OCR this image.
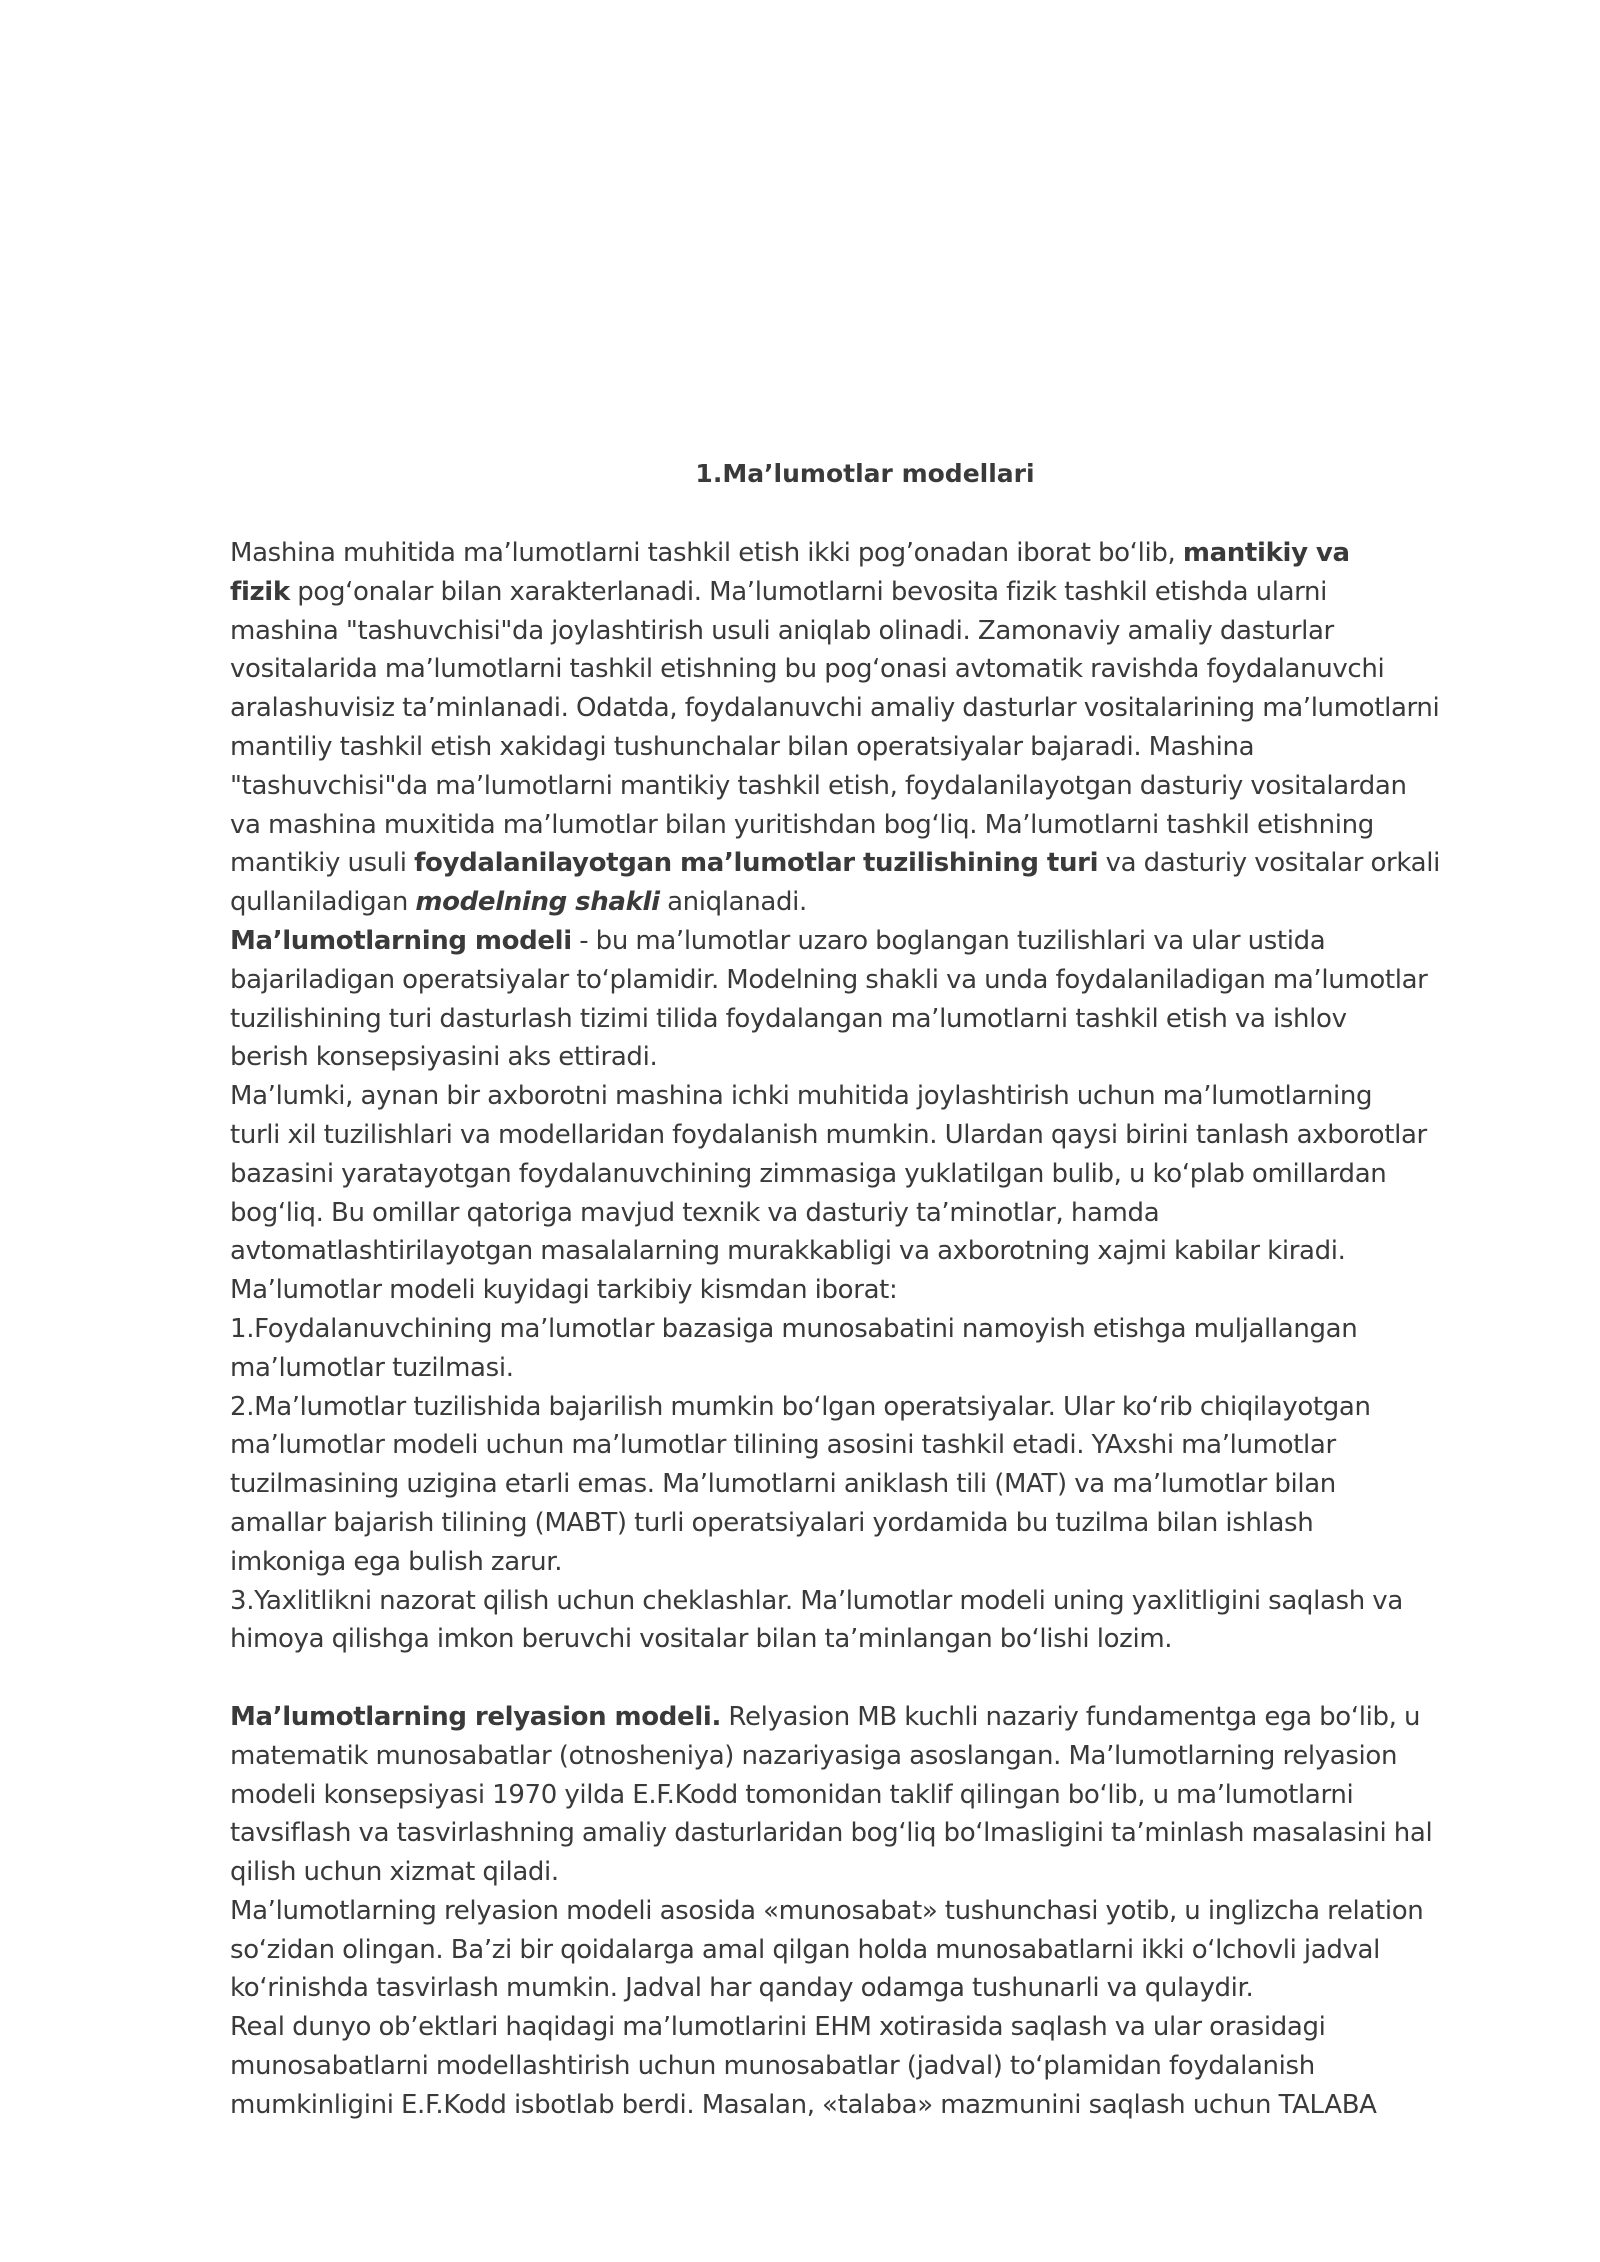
1.Ma’lumotlar modellari
Mashina muhitida ma’lumotlarni tashkil etish ikki pog’onadan iborat bo‘lib, mantikiy va
fizik pog‘onalar bilan xarakterlanadi. Ma’lumotlarni bevosita fizik tashkil etishda ularni
mashina "tashuvchisi"da joylashtirish usuli aniqlab olinadi. Zamonaviy amaliy dasturlar
vositalarida ma’lumotlarni tashkil etishning bu pog‘onasi avtomatik ravishda foydalanuvchi
aralashuvisiz ta’minlanadi. Odatda, foydalanuvchi amaliy dasturlar vositalarining ma’lumotlarni
mantiliy tashkil etish xakidagi tushunchalar bilan operatsiyalar bajaradi. Mashina
"tashuvchisi"da ma’lumotlarni mantikiy tashkil etish, foydalanilayotgan dasturiy vositalardan
va mashina muxitida ma’lumotlar bilan yuritishdan bog‘liq. Ma’lumotlarni tashkil etishning
mantikiy usuli foydalanilayotgan ma’lumotlar tuzilishining turi va dasturiy vositalar orkali
qullaniladigan modelning shakli aniqlanadi.
Ma’lumotlarning modeli - bu ma’lumotlar uzaro boglangan tuzilishlari va ular ustida
bajariladigan operatsiyalar to‘plamidir. Modelning shakli va unda foydalaniladigan ma’lumotlar
tuzilishining turi dasturlash tizimi tilida foydalangan ma’lumotlarni tashkil etish va ishlov
berish konsepsiyasini aks ettiradi.
Ma’lumki, aynan bir axborotni mashina ichki muhitida joylashtirish uchun ma’lumotlarning
turli xil tuzilishlari va modellaridan foydalanish mumkin. Ulardan qaysi birini tanlash axborotlar
bazasini yaratayotgan foydalanuvchining zimmasiga yuklatilgan bulib, u ko‘plab omillardan
bog‘liq. Bu omillar qatoriga mavjud texnik va dasturiy ta’minotlar, hamda
avtomatlashtirilayotgan masalalarning murakkabligi va axborotning xajmi kabilar kiradi.
Ma’lumotlar modeli kuyidagi tarkibiy kismdan iborat:
1.Foydalanuvchining ma’lumotlar bazasiga munosabatini namoyish etishga muljallangan
ma’lumotlar tuzilmasi.
2.Ma’lumotlar tuzilishida bajarilish mumkin bo‘lgan operatsiyalar. Ular ko‘rib chiqilayotgan
ma’lumotlar modeli uchun ma’lumotlar tilining asosini tashkil etadi. YAxshi ma’lumotlar
tuzilmasining uzigina etarli emas. Ma’lumotlarni aniklash tili (MAT) va ma’lumotlar bilan
amallar bajarish tilining (MABT) turli operatsiyalari yordamida bu tuzilma bilan ishlash
imkoniga ega bulish zarur.
3.Yaxlitlikni nazorat qilish uchun cheklashlar. Ma’lumotlar modeli uning yaxlitligini saqlash va
himoya qilishga imkon beruvchi vositalar bilan ta’minlangan bo‘lishi lozim.
Ma’lumotlarning relyasion modeli. Relyasion MB kuchli nazariy fundamentga ega bo‘lib, u
matematik munosabatlar (otnosheniya) nazariyasiga asoslangan. Ma’lumotlarning relyasion
modeli konsepsiyasi 1970 yilda E.F.Kodd tomonidan taklif qilingan bo‘lib, u ma’lumotlarni
tavsiflash va tasvirlashning amaliy dasturlaridan bog‘liq bo‘lmasligini ta’minlash masalasini hal
qilish uchun xizmat qiladi.
Ma’lumotlarning relyasion modeli asosida «munosabat» tushunchasi yotib, u inglizcha relation
so‘zidan olingan. Ba’zi bir qoidalarga amal qilgan holda munosabatlarni ikki o‘lchovli jadval
ko‘rinishda tasvirlash mumkin. Jadval har qanday odamga tushunarli va qulaydir.
Real dunyo ob’ektlari haqidagi ma’lumotlarini EHM xotirasida saqlash va ular orasidagi
munosabatlarni modellashtirish uchun munosabatlar (jadval) to‘plamidan foydalanish
mumkinligini E.F.Kodd isbotlab berdi. Masalan, «talaba» mazmunini saqlash uchun TALABA
